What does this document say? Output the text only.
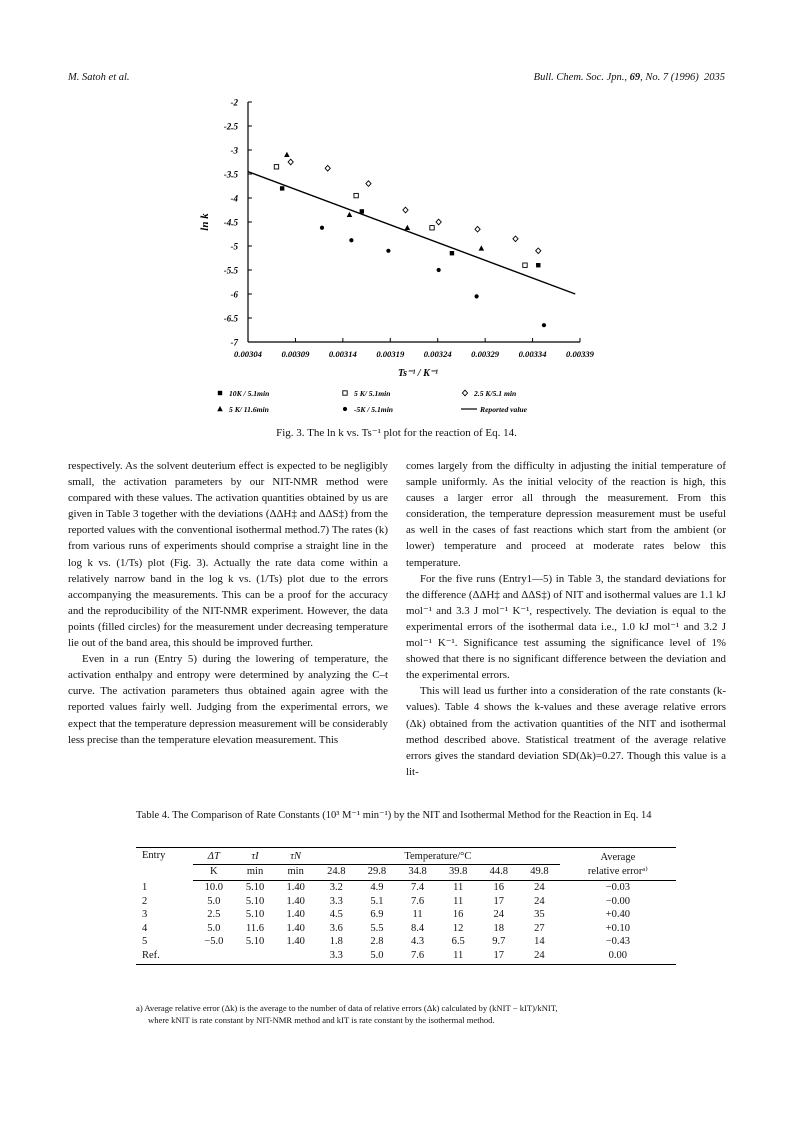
M. Satoh et al.	Bull. Chem. Soc. Jpn., 69, No. 7 (1996) 2035
-2
-2.5
-3
-3.5
-4
-4.5
-5
-5.5
-6
-6.5
-7
0.00304 0.00309 0.00314 0.00319 0.00324 0.00329 0.00334 0.00339
Ts⁻¹ / K⁻¹
ln k
10K / 5.1min	5 K/ 5.1min	2.5 K/5.1 min
5 K/ 11.6min	-5K / 5.1min	Reported value
Fig. 3. The ln k vs. Ts⁻¹ plot for the reaction of Eq. 14.

respectively. As the solvent deuterium effect is expected to be negligibly small, the activation parameters by our NIT-NMR method were compared with these values. The activation quantities obtained by us are given in Table 3 together with the deviations (ΔΔH‡ and ΔΔS‡) from the reported values with the conventional isothermal method.7) The rates (k) from various runs of experiments should comprise a straight line in the log k vs. (1/Ts) plot (Fig. 3). Actually the rate data come within a relatively narrow band in the log k vs. (1/Ts) plot due to the errors accompanying the measurements. This can be a proof for the accuracy and the reproducibility of the NIT-NMR experiment. However, the data points (filled circles) for the measurement under decreasing temperature lie out of the band area, this should be improved further.

Even in a run (Entry 5) during the lowering of temperature, the activation enthalpy and entropy were determined by analyzing the C–t curve. The activation parameters thus obtained again agree with the reported values fairly well. Judging from the experimental errors, we expect that the temperature depression measurement will be considerably less precise than the temperature elevation measurement. This

comes largely from the difficulty in adjusting the initial temperature of sample uniformly. As the initial velocity of the reaction is high, this causes a larger error all through the measurement. From this consideration, the temperature depression measurement must be useful as well in the cases of fast reactions which start from the ambient (or lower) temperature and proceed at moderate rates below this temperature.

For the five runs (Entry1—5) in Table 3, the standard deviations for the difference (ΔΔH‡ and ΔΔS‡) of NIT and isothermal values are 1.1 kJ mol⁻¹ and 3.3 J mol⁻¹ K⁻¹, respectively. The deviation is equal to the experimental errors of the isothermal data i.e., 1.0 kJ mol⁻¹ and 3.2 J mol⁻¹ K⁻¹. Significance test assuming the significance level of 1% showed that there is no significant difference between the deviation and the experimental errors.

This will lead us further into a consideration of the rate constants (k-values). Table 4 shows the k-values and these average relative errors (Δk) obtained from the activation quantities of the NIT and isothermal method described above. Statistical treatment of the average relative errors gives the standard deviation SD(Δk)=0.27. Though this value is a lit-

Table 4. The Comparison of Rate Constants (10³ M⁻¹ min⁻¹) by the NIT and Isothermal Method for the Reaction in Eq. 14
Entry	ΔT	τI	τN	Temperature/°C						Average
	K	min	min	24.8	29.8	34.8	39.8	44.8	49.8	relative errorᵃ⁾
1	10.0	5.10	1.40	3.2	4.9	7.4	11	16	24	−0.03
2	5.0	5.10	1.40	3.3	5.1	7.6	11	17	24	−0.00
3	2.5	5.10	1.40	4.5	6.9	11	16	24	35	+0.40
4	5.0	11.6	1.40	3.6	5.5	8.4	12	18	27	+0.10
5	−5.0	5.10	1.40	1.8	2.8	4.3	6.5	9.7	14	−0.43
Ref.				3.3	5.0	7.6	11	17	24	0.00
a) Average relative error (Δk) is the average to the number of data of relative errors (Δk) calculated by (kNIT − kIT)/kNIT,
where kNIT is rate constant by NIT-NMR method and kIT is rate constant by the isothermal method.
